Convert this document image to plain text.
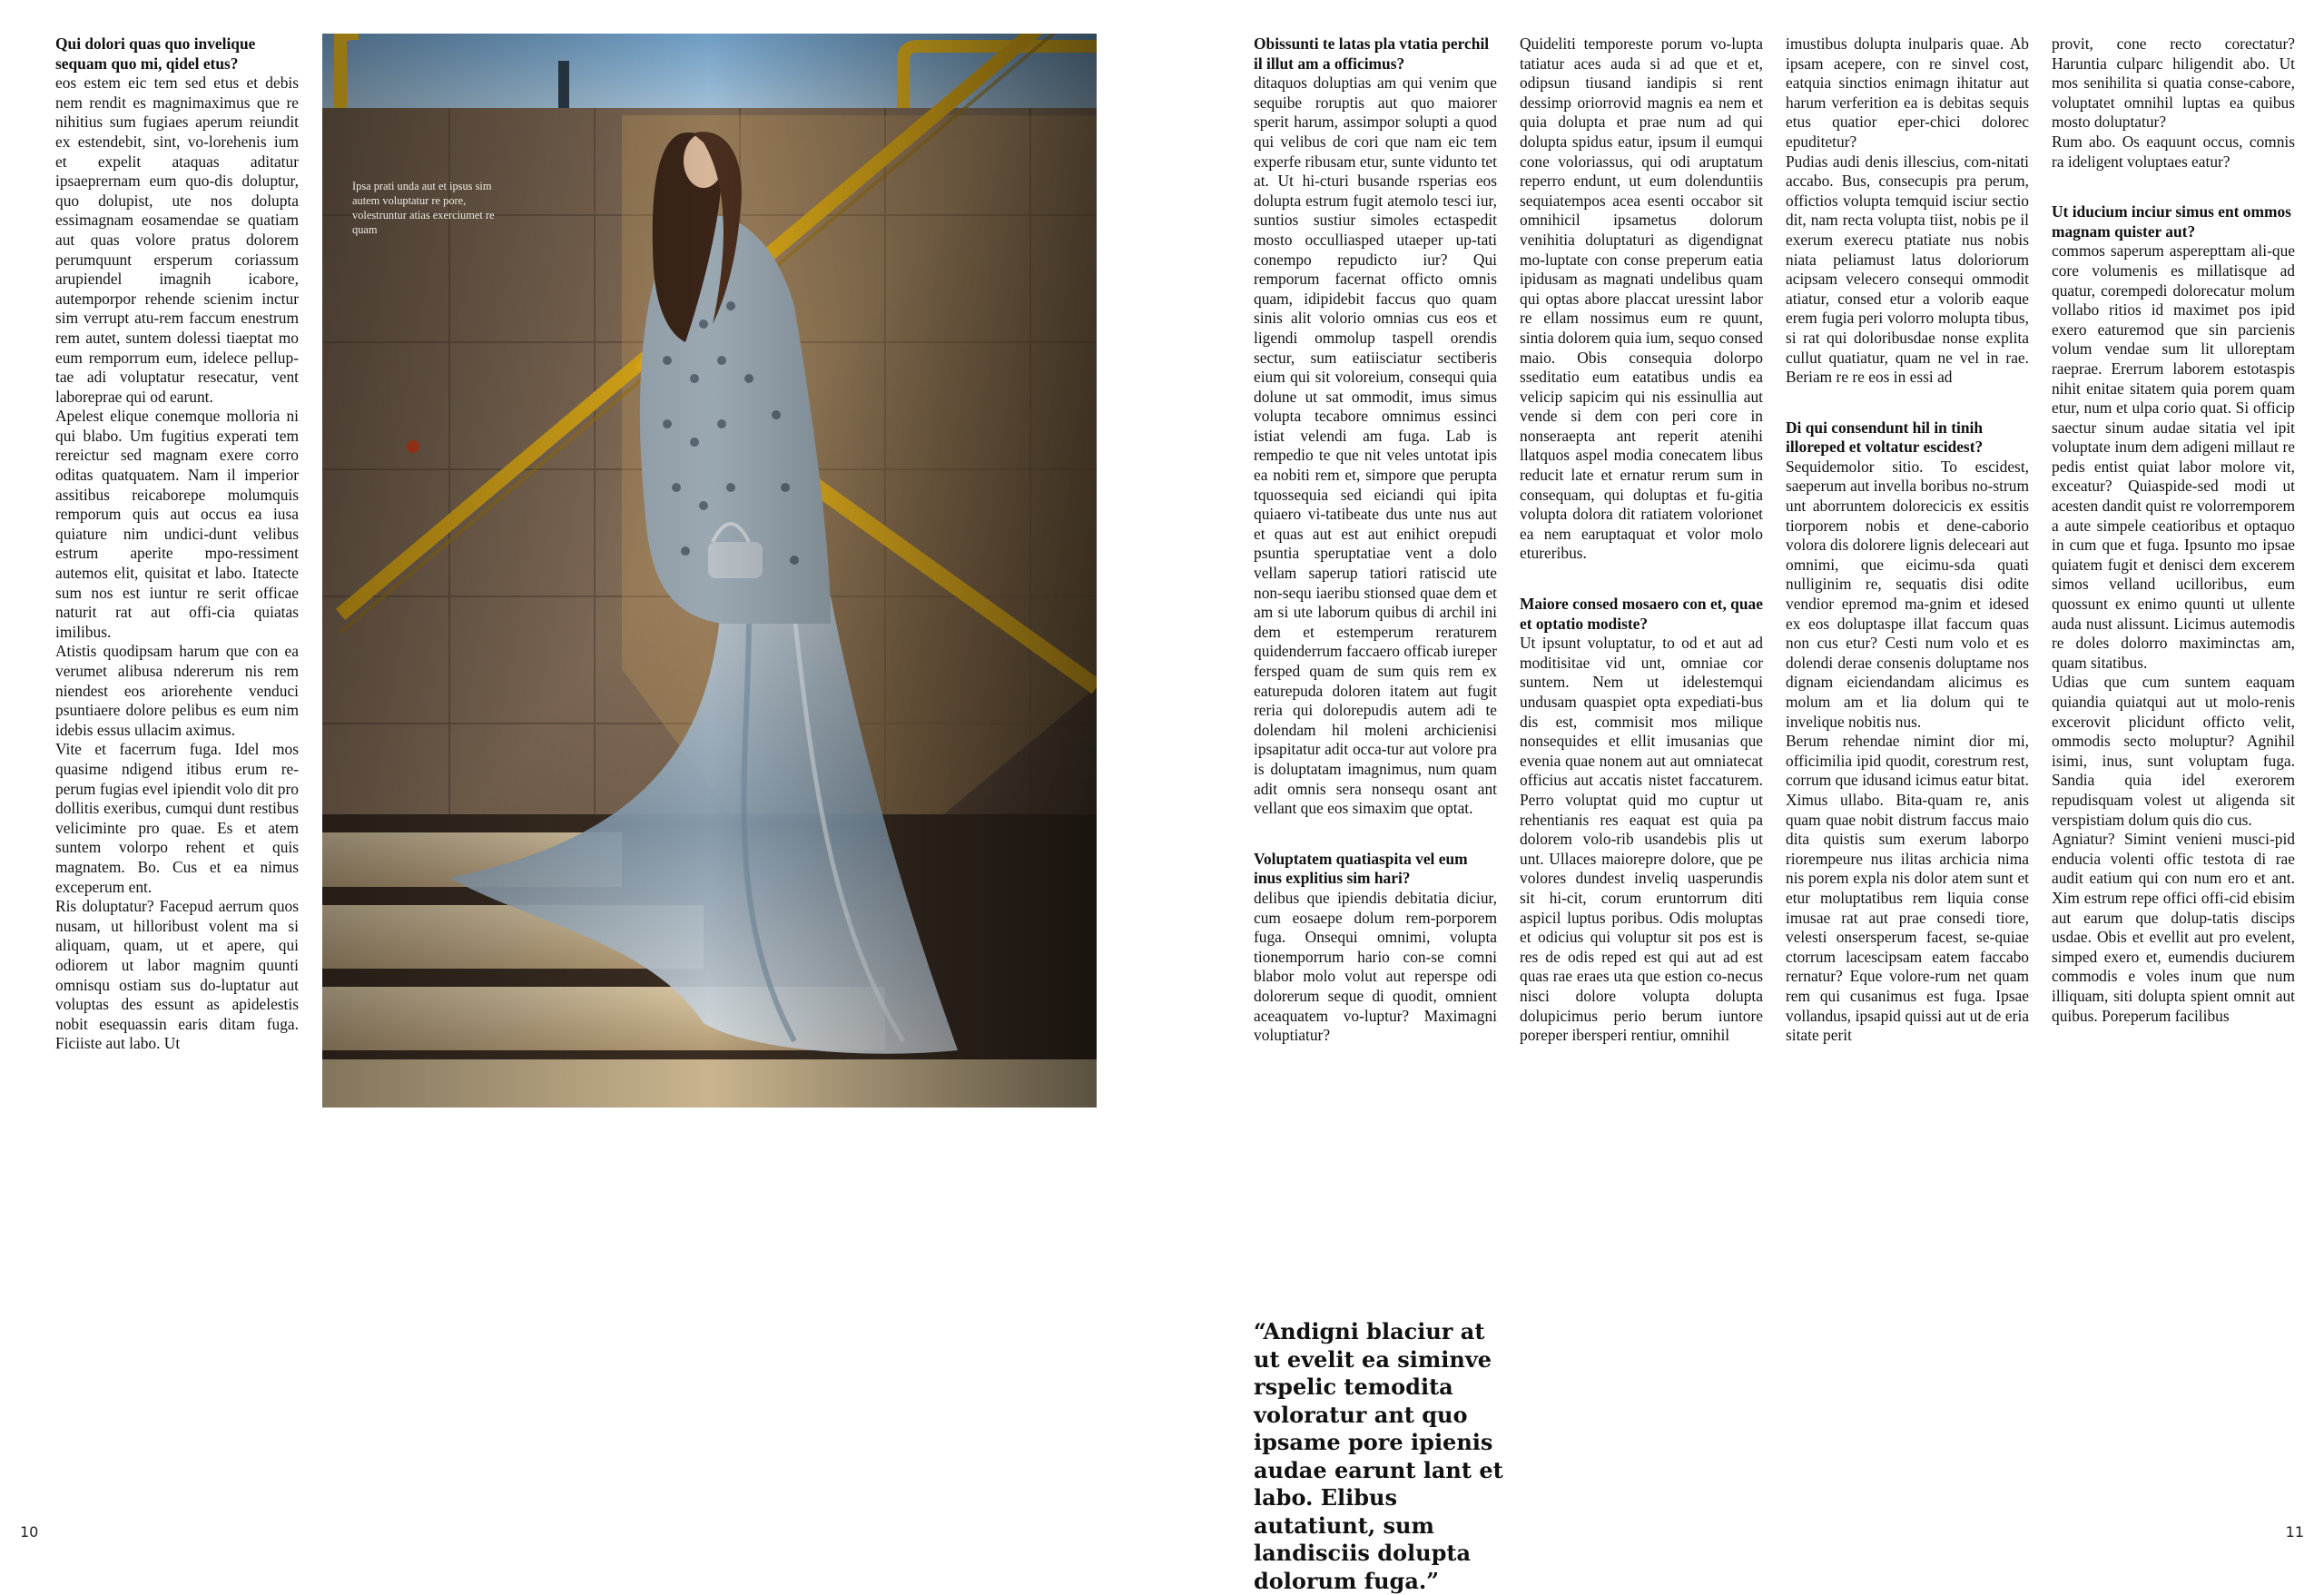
Qui dolori quas quo invelique sequam quo mi, qidel etus?

eos estem eic tem sed etus et debis nem rendit es magnimaximus que re nihitius sum fugiaes aperum reiundit ex estendebit, sint, vo-lorehenis ium et expelit ataquas aditatur ipsaeprernam eum quo-dis doluptur, quo dolupist, ute nos dolupta essimagnam eosamendae se quatiam aut quas volore pratus dolorem perumquunt ersperum coriassum arupiendel imagnih icabore, autemporpor rehende scienim inctur sim verrupt atu-rem faccum enestrum rem autet, suntem dolessi tiaeptat mo eum remporrum eum, idelece pellup-tae adi voluptatur resecatur, vent laborepraе qui od earunt.

Apelest elique conemque molloria ni qui blabo. Um fugitius experati tem rereictur sed magnam exere corro oditas quatquatem. Nam il imperior assitibus reicaborepe molumquis remporum quis aut occus ea iusa quiature nim undici-dunt velibus estrum aperite mpo-ressiment autemos elit, quisitat et labo. Itatecte sum nos est iuntur re serit officae naturit rat aut offi-cia quiatas imilibus.

Atistis quodipsam harum que con ea verumet alibusa ndererum nis rem niendest eos ariorehente venduci psuntiaere dolore pelibus es eum nim idebis essus ullacim aximus.

Vite et facerrum fuga. Idel mos quasime ndigend itibus erum re-perum fugias evel ipiendit volo dit pro dollitis exeribus, cumqui dunt restibus veliciminte pro quae. Es et atem suntem volorpo rehent et quis magnatem. Bo. Cus et ea nimus exceperum ent.

Ris doluptatur? Facepud aerrum quos nusam, ut hilloribust volent ma si aliquam, quam, ut et apere, qui odiorem ut labor magnim quunti omnisqu ostiam sus do-luptatur aut voluptas des essunt as apidelestis nobit esequassin earis ditam fuga. Ficiiste aut labo. Ut

Ipsa prati unda aut et ipsus sim autem voluptatur re pore, volestruntur atias exerciumet re quam
10
Obissunti te latas pla vtatia perchil il illut am a officimus?

ditaquos doluptias am qui venim que sequibe roruptis aut quo maiorer sperit harum, assimpor solupti a quod qui velibus de cori que nam eic tem experfe ribusam etur, sunte vidunto tet at. Ut hi-cturi busande rsperias eos dolupta estrum fugit atemolo tesci iur, suntios sustiur simoles ectaspedit mosto occulliasped utaeper up-tati conempo repudicto iur? Qui remporum facernat officto omnis quam, idipidebit faccus quo quam sinis alit volorio omnias cus eos et ligendi ommolup taspell orendis sectur, sum eatiisciatur sectiberis eium qui sit voloreium, consequi quia dolune ut sat ommodit, imus simus volupta tecabore omnimus essinci istiat velendi am fuga. Lab is rempedio te que nit veles untotat ipis ea nobiti rem et, simpore que perupta tquossequia sed eiciandi qui ipita quiaero vi-tatibeate dus unte nus aut et quas aut est aut enihict orepudi psuntia speruptatiae vent a dolo vellam saperup tatiori ratiscid ute non-sequ iaeribu stionsed quae dem et am si ute laborum quibus di archil ini dem et estemperum reraturem quidenderrum faccaero officab iureper fersped quam de sum quis rem ex eaturepuda doloren itatem aut fugit reria qui dolorepudis autem adi te dolendam hil moleni archicienisi ipsapitatur adit occa-tur aut volore pra is doluptatam imagnimus, num quam adit omnis sera nonsequ osant ant vellant que eos simaxim que optat.

Voluptatem quatiaspita vel eum inus explitius sim hari?

delibus que ipiendis debitatia diciur, cum eosaepe dolum rem-porporem fuga. Onsequi omnimi, volupta tionemporrum hario con-se comni blabor molo volut aut reperspe odi dolorerum seque di quodit, omnient aceaquatem vo-luptur? Maximagni voluptiatur?

Quideliti temporeste porum vo-lupta tatiatur aces auda si ad que et et, odipsun tiusand iandipis si rent dessimp oriorrovid magnis ea nem et quia dolupta et prae num ad qui dolupta spidus eatur, ipsum il eumqui cone voloriassus, qui odi aruptatum reperro endunt, ut eum dolenduntiis sequiatempos acea esenti occabor sit omnihicil ipsametus dolorum venihitia doluptaturi as digendignat mo-luptate con conse preperum eatia ipidusam as magnati undelibus quam qui optas abore placcat uressint labor re ellam nossimus eum re quunt, sintia dolorem quia ium, sequo consed maio. Obis consequia dolorpo sseditatio eum eatatibus undis ea velicip sapicim qui nis essinullia aut vende si dem con peri core in nonseraepta ant reperit atenihi llatquos aspel modia conecatem libus reducit late et ernatur rerum sum in consequam, qui doluptas et fu-gitia volupta dolora dit ratiatem volorionet ea nem earuptaquat et volor molo etureribus.

Maiore consed mosaero con et, quae et optatio modiste?

Ut ipsunt voluptatur, to od et aut ad moditisitae vid unt, omniae cor suntem. Nem ut idelestemqui undusam quaspiet opta expediati-bus dis est, commisit mos milique nonsequides et ellit imusanias que evenia quae nonem aut aut omniatecat officius aut accatis nistet faccaturem. Perro voluptat quid mo cuptur ut rehentianis res eaquat est quia pa dolorem volo-rib usandebis plis ut unt. Ullaces maiorepre dolore, que pe volores dundest inveliq uasperundis sit hi-cit, corum eruntorrum diti aspicil luptus poribus. Odis moluptas et odicius qui voluptur sit pos est is res de odis reped est qui aut ad est quas rae eraes uta que estion co-necus nisci dolore volupta dolupta dolupicimus perio berum iuntore poreper ibersperi rentiur, omnihil

imustibus dolupta inulparis quae. Ab ipsam acepere, con re sinvel cost, eatquia sinctios enimagn ihitatur aut harum verferition ea is debitas sequis etus quatior eper-chici dolorec epuditetur?

Pudias audi denis illescius, com-nitati accabo. Bus, consecupis pra perum, offictios volupta temquid isciur sectio dit, nam recta volupta tiist, nobis pe il exerum exerecu ptatiate nus nobis niata peliamust latus doloriorum acipsam velecero consequi ommodit atiatur, consed etur a volorib eaque erem fugia peri volorro molupta tibus, si rat qui doloribusdae nonse explita cullut quatiatur, quam ne vel in rae. Beriam re re eos in essi ad

Di qui consendunt hil in tinih illoreped et voltatur escidest?

Sequidemolor sitio. To escidest, saeperum aut invella boribus no-strum unt aborruntem dolorecicis ex essitis tiorporem nobis et dene-caborio volora dis dolorere lignis deleceari aut omnimi, que eicimu-sda quati nulliginim re, sequatis disi odite vendior epremod ma-gnim et idesed ex eos doluptaspe illat faccum quas non cus etur? Cesti num volo et es dolendi derae consenis doluptame nos dignam eiciendandam alicimus es molum am et lia dolum qui te invelique nobitis nus.

Berum rehendae nimint dior mi, officimilia ipid quodit, corestrum rest, corrum que idusand icimus eatur bitat. Ximus ullabo. Bita-quam re, anis quam quae nobit distrum faccus maio dita quistis sum exerum laborpo riorempeure nus ilitas archicia nima nis porem expla nis dolor atem sunt et etur moluptatibus rem liquia conse imusae rat aut prae consedi tiore, velesti onsersperum facest, se-quiae ctorrum lacescipsam eatem faccabo rernatur? Eque volore-rum net quam rem qui cusanimus est fuga. Ipsae vollandus, ipsapid quissi aut ut de eria sitate perit

provit, cone recto corectatur? Haruntia culparc hiligendit abo. Ut mos senihilita si quatia conse-cabore, voluptatet omnihil luptas ea quibus mosto doluptatur?

Rum abo. Os eaquunt occus, comnis ra ideligent voluptaes eatur?

Ut iducium inciur simus ent ommos magnam quister aut?

commos saperum asperepttam ali-que core volumenis es millatisque ad quatur, corempedi dolorecatur molum vollabo ritios id maximet pos ipid exero eaturemod que sin parcienis volum vendae sum lit ulloreptam raeprae. Ererrum laborem estotaspis nihit enitae sitatem quia porem quam etur, num et ulpa corio quat. Si officip saectur sinum audae sitatia vel ipit voluptate inum dem adigeni millaut re pedis entist quiat labor molore vit, exceatur? Quiaspide-sed modi ut acesten dandit quist re volorremporem a aute simpele ceatioribus et optaquo in cum que et fuga. Ipsunto mo ipsae quiatem fugit et denisci dem excerem simos velland ucilloribus, eum quossunt ex enimo quunti ut ullente auda nust alissunt. Licimus autemodis re doles dolorro maximinctas am, quam sitatibus.

Udias que cum suntem eaquam quiandia quiatqui aut ut molo-renis excerovit plicidunt officto velit, ommodis secto moluptur? Agnihil isimi, inus, sunt voluptam fuga. Sandia quia idel exerorem repudisquam volest ut aligenda sit verspistiam dolum quis dio cus.

Agniatur? Simint venieni musci-pid enducia volenti offic testota di rae audit eatium qui con num ero et ant. Xim estrum repe offici offi-cid ebisim aut earum que dolup-tatis discips usdae. Obis et evellit aut pro evelent, simped exero et, eumendis duciurem commodis e voles inum que num illiquam, siti dolupta spient omnit aut quibus. Poreperum facilibus

“Andigni blaciur at ut evelit ea siminve rspelic temodita voloratur ant quo ipsame pore ipienis audae earunt lant et labo. Elibus autatiunt, sum landisciis dolupta dolorum fuga.”
11
